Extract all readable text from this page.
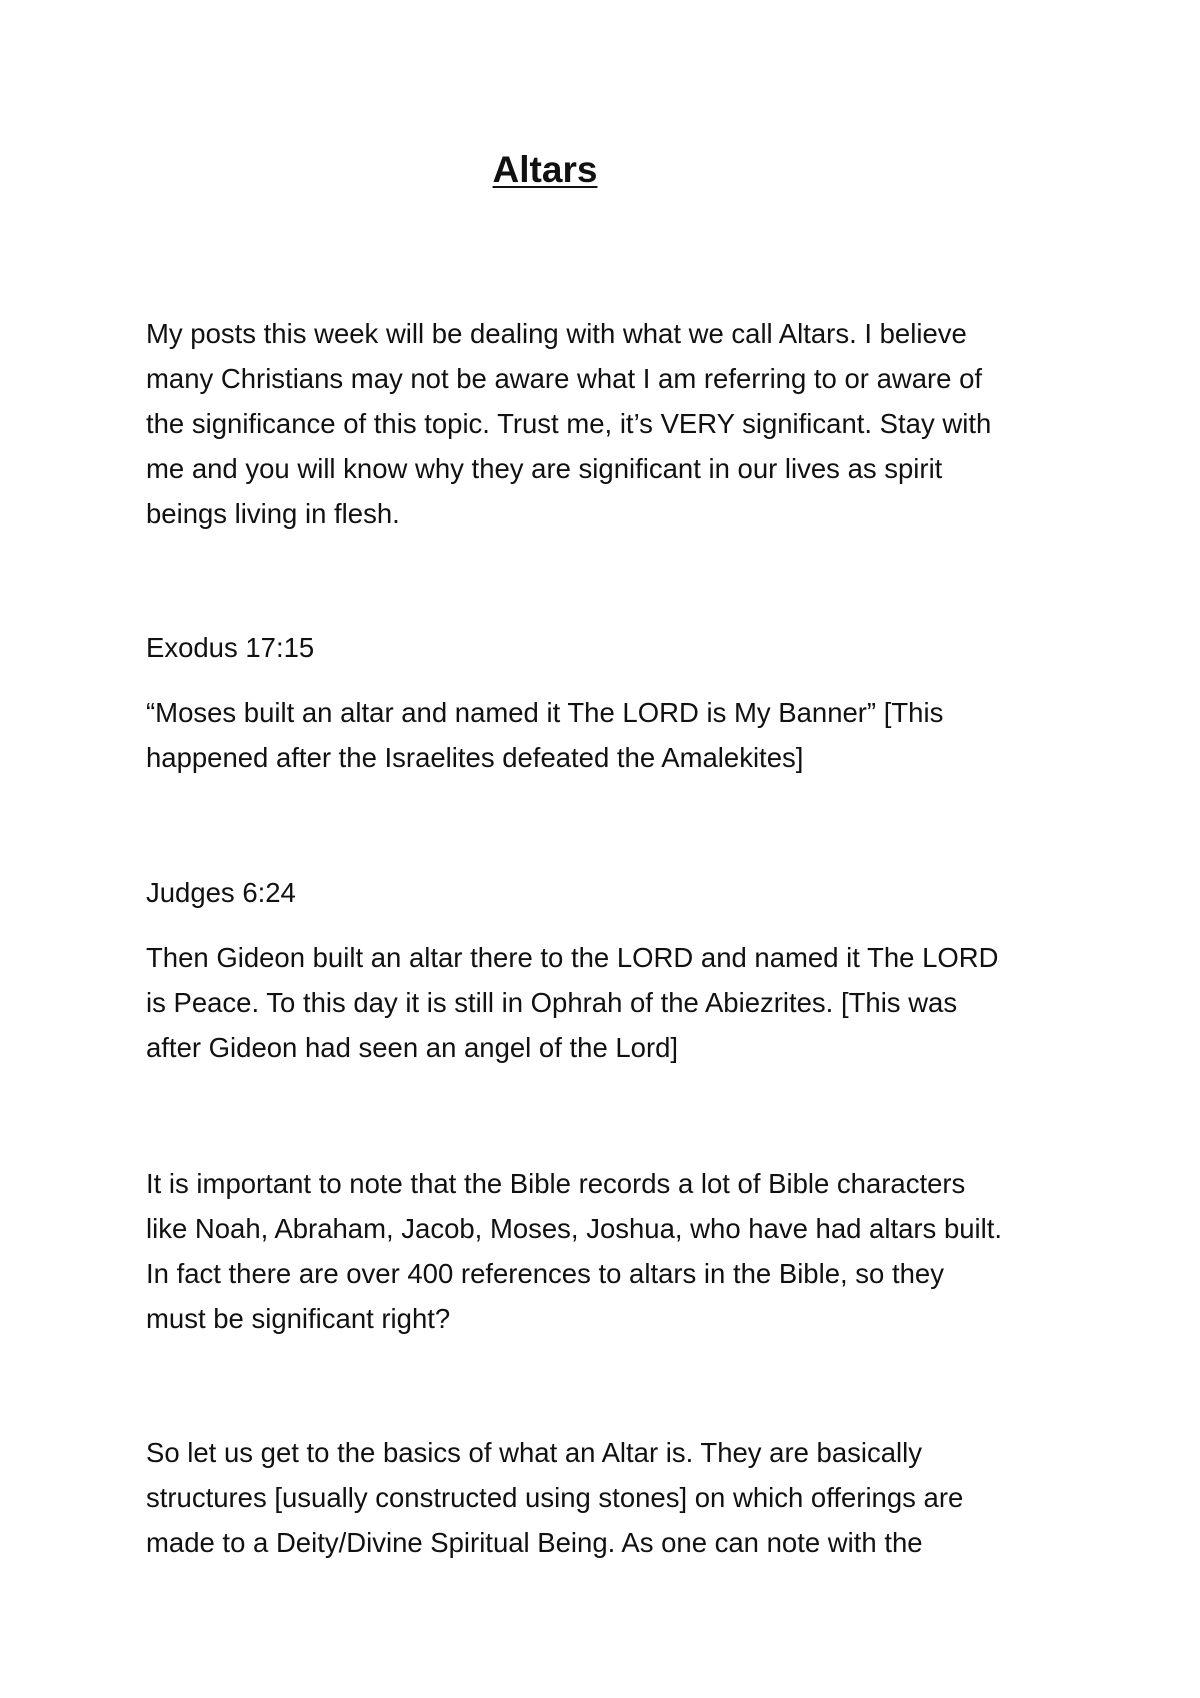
Altars

My posts this week will be dealing with what we call Altars. I believe
many Christians may not be aware what I am referring to or aware of
the significance of this topic. Trust me, it’s VERY significant. Stay with
me and you will know why they are significant in our lives as spirit
beings living in flesh.

Exodus 17:15

“Moses built an altar and named it The LORD is My Banner” [This
happened after the Israelites defeated the Amalekites]

Judges 6:24

Then Gideon built an altar there to the LORD and named it The LORD
is Peace. To this day it is still in Ophrah of the Abiezrites. [This was
after Gideon had seen an angel of the Lord]

It is important to note that the Bible records a lot of Bible characters
like Noah, Abraham, Jacob, Moses, Joshua, who have had altars built.
In fact there are over 400 references to altars in the Bible, so they
must be significant right?

So let us get to the basics of what an Altar is. They are basically
structures [usually constructed using stones] on which offerings are
made to a Deity/Divine Spiritual Being. As one can note with the
